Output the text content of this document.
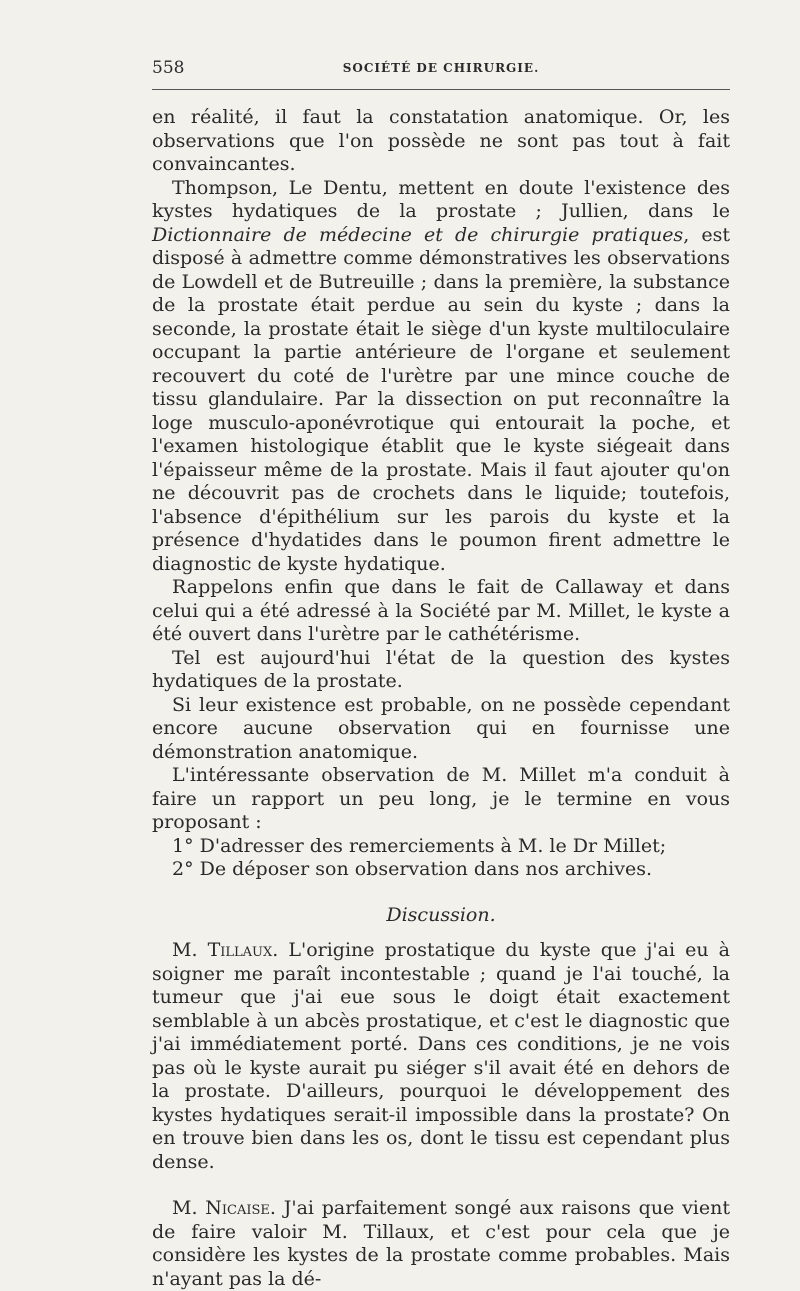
558	SOCIÉTÉ DE CHIRURGIE.

en réalité, il faut la constatation anatomique. Or, les observations que l'on possède ne sont pas tout à fait convaincantes.

Thompson, Le Dentu, mettent en doute l'existence des kystes hydatiques de la prostate ; Jullien, dans le Dictionnaire de médecine et de chirurgie pratiques, est disposé à admettre comme démonstratives les observations de Lowdell et de Butreuille ; dans la première, la substance de la prostate était perdue au sein du kyste ; dans la seconde, la prostate était le siège d'un kyste multiloculaire occupant la partie antérieure de l'organe et seulement recouvert du coté de l'urètre par une mince couche de tissu glandulaire. Par la dissection on put reconnaître la loge musculo-aponévrotique qui entourait la poche, et l'examen histologique établit que le kyste siégeait dans l'épaisseur même de la prostate. Mais il faut ajouter qu'on ne découvrit pas de crochets dans le liquide; toutefois, l'absence d'épithélium sur les parois du kyste et la présence d'hydatides dans le poumon firent admettre le diagnostic de kyste hydatique.

Rappelons enfin que dans le fait de Callaway et dans celui qui a été adressé à la Société par M. Millet, le kyste a été ouvert dans l'urètre par le cathétérisme.

Tel est aujourd'hui l'état de la question des kystes hydatiques de la prostate.

Si leur existence est probable, on ne possède cependant encore aucune observation qui en fournisse une démonstration anatomique.

L'intéressante observation de M. Millet m'a conduit à faire un rapport un peu long, je le termine en vous proposant :

1° D'adresser des remerciements à M. le Dr Millet;

2° De déposer son observation dans nos archives.

Discussion.

M. Tillaux. L'origine prostatique du kyste que j'ai eu à soigner me paraît incontestable ; quand je l'ai touché, la tumeur que j'ai eue sous le doigt était exactement semblable à un abcès prostatique, et c'est le diagnostic que j'ai immédiatement porté. Dans ces conditions, je ne vois pas où le kyste aurait pu siéger s'il avait été en dehors de la prostate. D'ailleurs, pourquoi le développement des kystes hydatiques serait-il impossible dans la prostate? On en trouve bien dans les os, dont le tissu est cependant plus dense.

M. Nicaise. J'ai parfaitement songé aux raisons que vient de faire valoir M. Tillaux, et c'est pour cela que je considère les kystes de la prostate comme probables. Mais n'ayant pas la dé-
